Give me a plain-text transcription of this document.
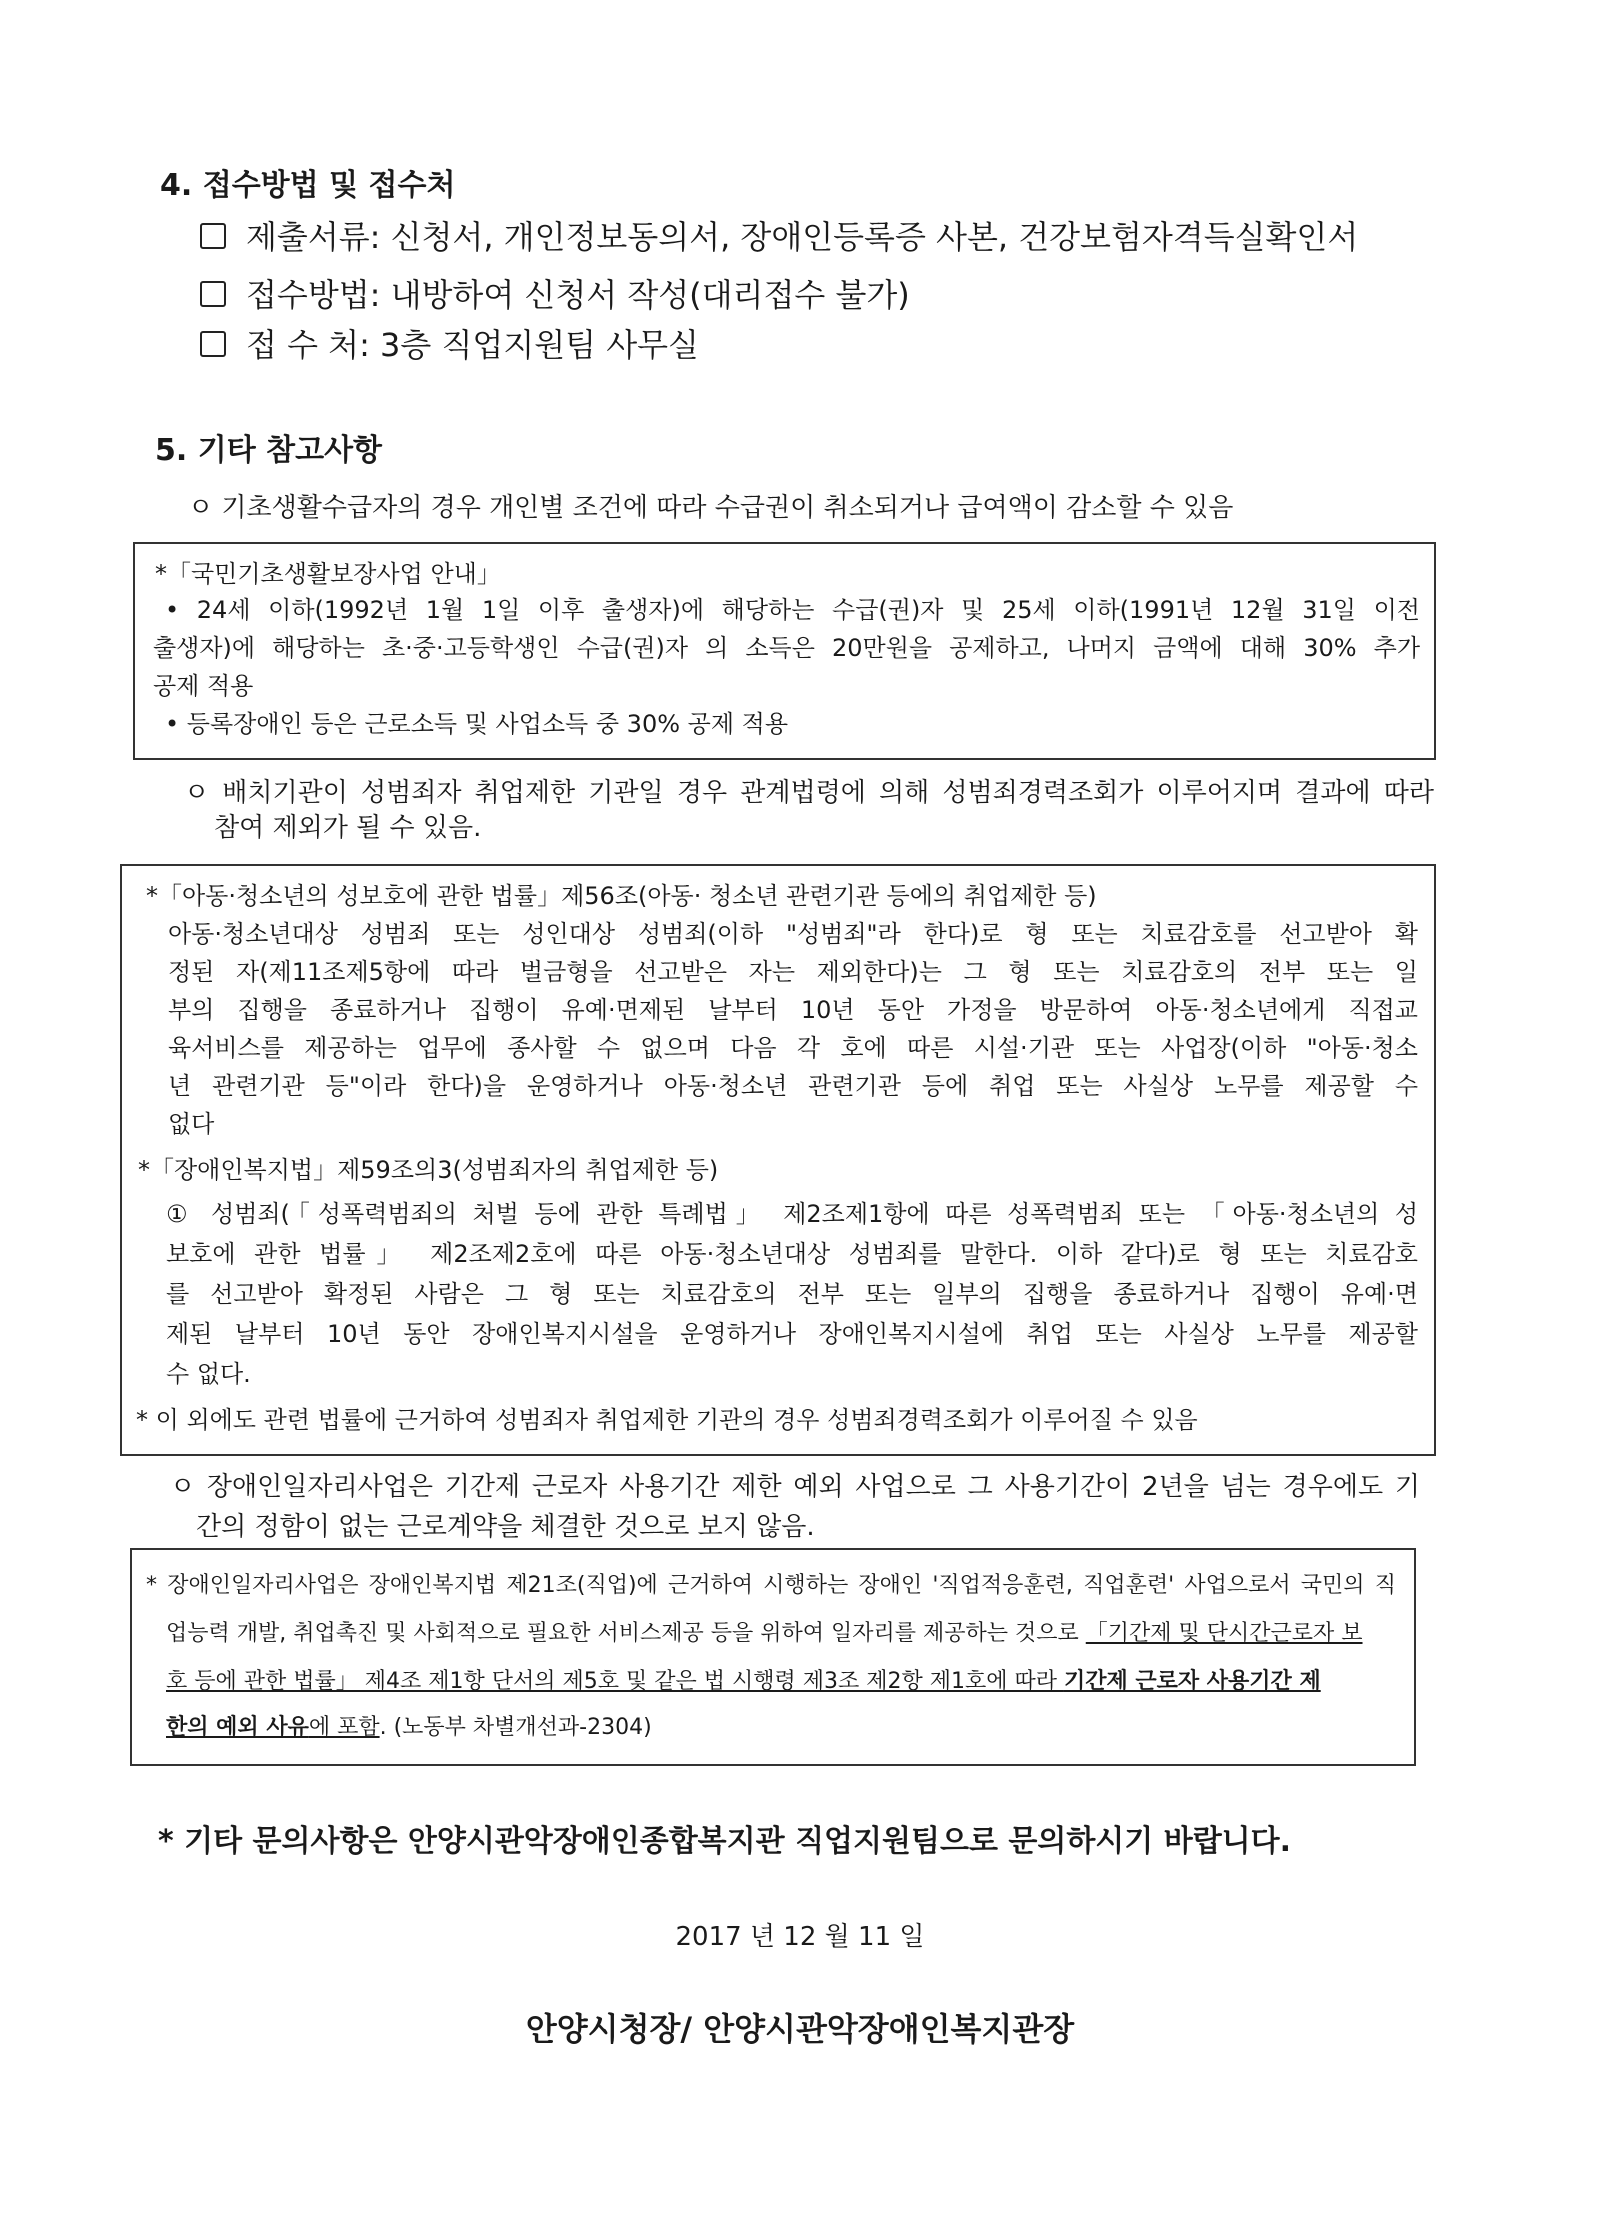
4. 접수방법 및 접수처
제출서류: 신청서, 개인정보동의서, 장애인등록증 사본, 건강보험자격득실확인서
접수방법: 내방하여 신청서 작성(대리접수 불가)
접 수 처: 3층 직업지원팀 사무실
5. 기타 참고사항
ㅇ 기초생활수급자의 경우 개인별 조건에 따라 수급권이 취소되거나 급여액이 감소할 수 있음
*「국민기초생활보장사업 안내」
• 24세 이하(1992년 1월 1일 이후 출생자)에 해당하는 수급(권)자 및 25세 이하(1991년 12월 31일 이전
출생자)에 해당하는 초·중·고등학생인 수급(권)자 의 소득은 20만원을 공제하고, 나머지 금액에 대해 30% 추가
공제 적용
• 등록장애인 등은 근로소득 및 사업소득 중 30% 공제 적용
ㅇ 배치기관이 성범죄자 취업제한 기관일 경우 관계법령에 의해 성범죄경력조회가 이루어지며 결과에 따라
참여 제외가 될 수 있음.
*「아동·청소년의 성보호에 관한 법률」제56조(아동· 청소년 관련기관 등에의 취업제한 등)
아동·청소년대상 성범죄 또는 성인대상 성범죄(이하 "성범죄"라 한다)로 형 또는 치료감호를 선고받아 확
정된 자(제11조제5항에 따라 벌금형을 선고받은 자는 제외한다)는 그 형 또는 치료감호의 전부 또는 일
부의 집행을 종료하거나 집행이 유예·면제된 날부터 10년 동안 가정을 방문하여 아동·청소년에게 직접교
육서비스를 제공하는 업무에 종사할 수 없으며 다음 각 호에 따른 시설·기관 또는 사업장(이하 "아동·청소
년 관련기관 등"이라 한다)을 운영하거나 아동·청소년 관련기관 등에 취업 또는 사실상 노무를 제공할 수
없다
*「장애인복지법」제59조의3(성범죄자의 취업제한 등)
① 성범죄(「성폭력범죄의 처벌 등에 관한 특례법」 제2조제1항에 따른 성폭력범죄 또는 「아동·청소년의 성
보호에 관한 법률」 제2조제2호에 따른 아동·청소년대상 성범죄를 말한다. 이하 같다)로 형 또는 치료감호
를 선고받아 확정된 사람은 그 형 또는 치료감호의 전부 또는 일부의 집행을 종료하거나 집행이 유예·면
제된 날부터 10년 동안 장애인복지시설을 운영하거나 장애인복지시설에 취업 또는 사실상 노무를 제공할
수 없다.
* 이 외에도 관련 법률에 근거하여 성범죄자 취업제한 기관의 경우 성범죄경력조회가 이루어질 수 있음
ㅇ 장애인일자리사업은 기간제 근로자 사용기간 제한 예외 사업으로 그 사용기간이 2년을 넘는 경우에도 기
간의 정함이 없는 근로계약을 체결한 것으로 보지 않음.
* 장애인일자리사업은 장애인복지법 제21조(직업)에 근거하여 시행하는 장애인 '직업적응훈련, 직업훈련' 사업으로서 국민의 직
업능력 개발, 취업촉진 및 사회적으로 필요한 서비스제공 등을 위하여 일자리를 제공하는 것으로 「기간제 및 단시간근로자 보
호 등에 관한 법률」 제4조 제1항 단서의 제5호 및 같은 법 시행령 제3조 제2항 제1호에 따라 기간제 근로자 사용기간 제
한의 예외 사유에 포함. (노동부 차별개선과-2304)
* 기타 문의사항은 안양시관악장애인종합복지관 직업지원팀으로 문의하시기 바랍니다.
2017 년 12 월 11 일
안양시청장/ 안양시관악장애인복지관장
